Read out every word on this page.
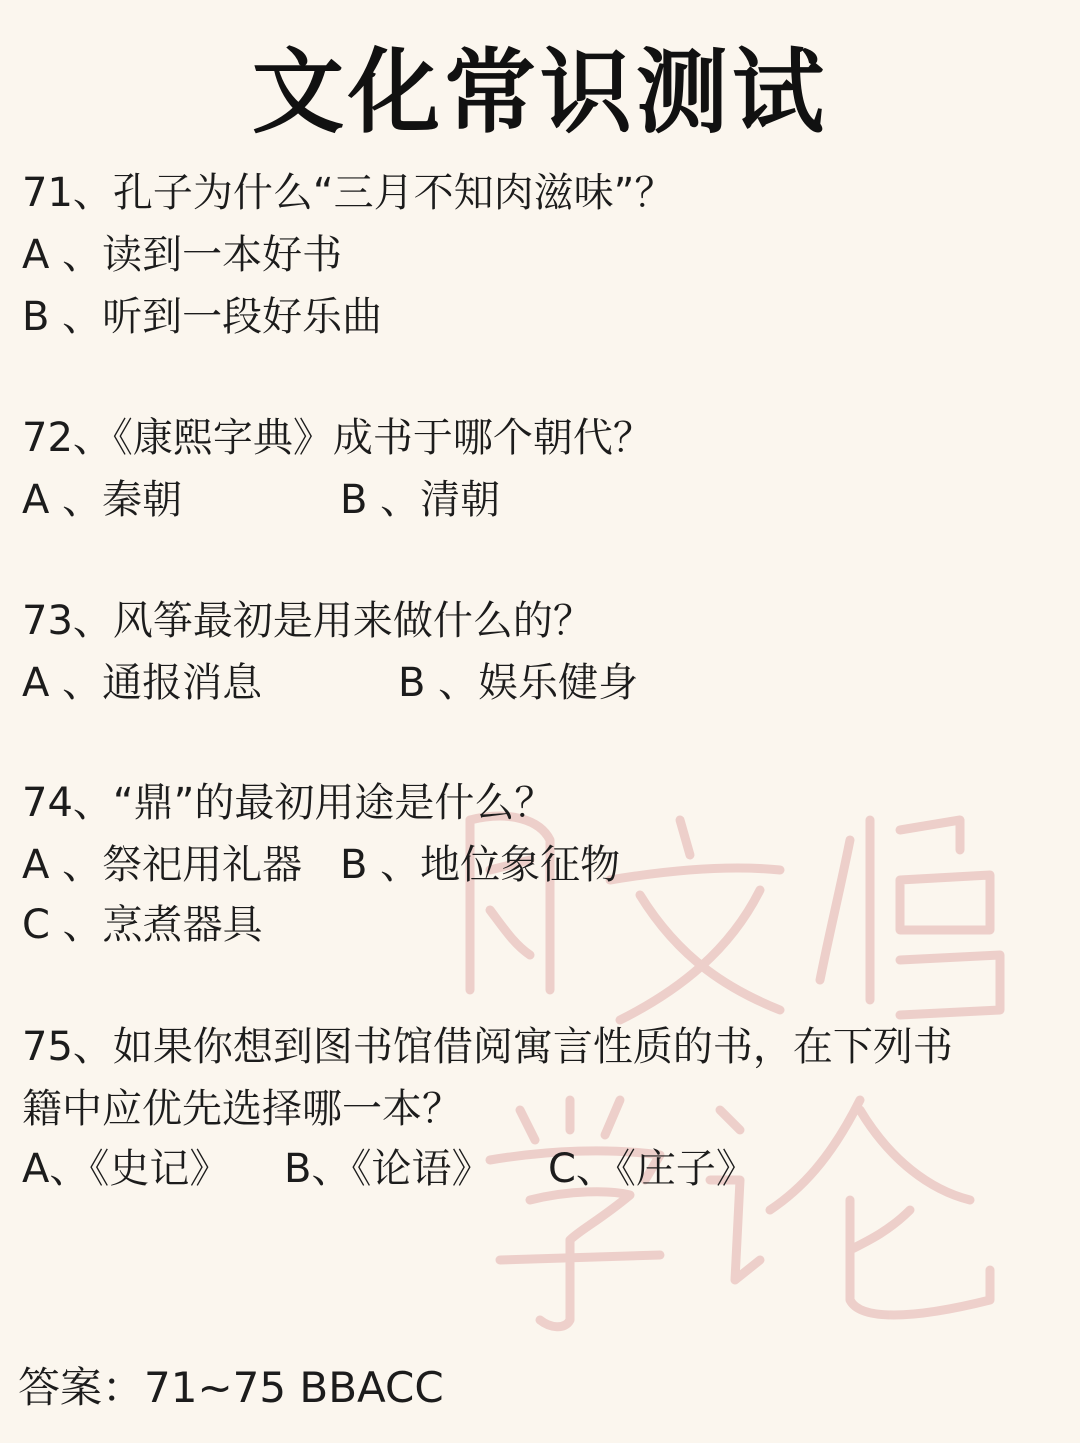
文化常识测试
71、孔子为什么“三月不知肉滋味”？
A 、读到一本好书
B 、听到一段好乐曲
72、《康熙字典》成书于哪个朝代？
A 、秦朝	B 、清朝
73、风筝最初是用来做什么的？
A 、通报消息	B 、娱乐健身
74、“鼎”的最初用途是什么？
A 、祭祀用礼器 B 、地位象征物
C 、烹煮器具
75、如果你想到图书馆借阅寓言性质的书，在下列书
籍中应优先选择哪一本？
A、《史记》 B、《论语》 C、《庄子》
答案：71~75 BBACC
